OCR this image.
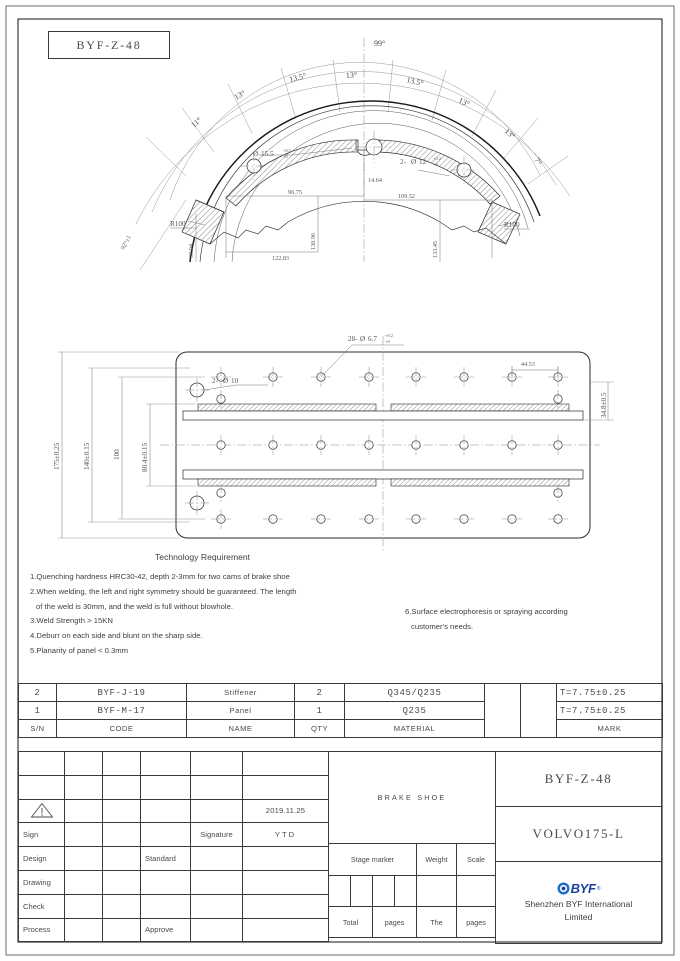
99°
13°
13.5°
13°
11°
13.5°
13°
13°
7°
92°±1
Ø 15.5 +0.2
+0
2- Ø 12 +0.2
+0
96.75
14.64
109.52
98.04
138.96
122.83
133.45
R100	R100
28- Ø 6.7 +0.2
+0
2- Ø 10
44.53
175±0.25	140±0.15	100	80.4±0.15
34.8±0.5
BYF-Z-48
Technology Requirement
1.Quenching hardness HRC30-42, depth 2-3mm for two cams of brake shoe
2.When welding, the left and right symmetry should be guaranteed. The length
of the weld is 30mm, and the weld is full without blowhole.
3.Weld Strength > 15KN
4.Deburr on each side and blunt on the sharp side.
5.Planarity of panel < 0.3mm
6.Surface electrophoresis or spraying according
customer's needs.
2	BYF-J-19	Stiffener	2	Q345/Q235			T=7.75±0.25
1	BYF-M-17	Panel	1	Q235			T=7.75±0.25
S/N	CODE	NAME	QTY	MATERIAL			MARK

					2019.11.25
Sign				Signature	YTD
Design			Standard		
Drawing					
Check					
Process			Approve		
BRAKE SHOE					
Stage marker				Weight	Scale

Total		pages		The	pages
BYF-Z-48
VOLVO175-L

BYF ®
Shenzhen BYF International
Limited
